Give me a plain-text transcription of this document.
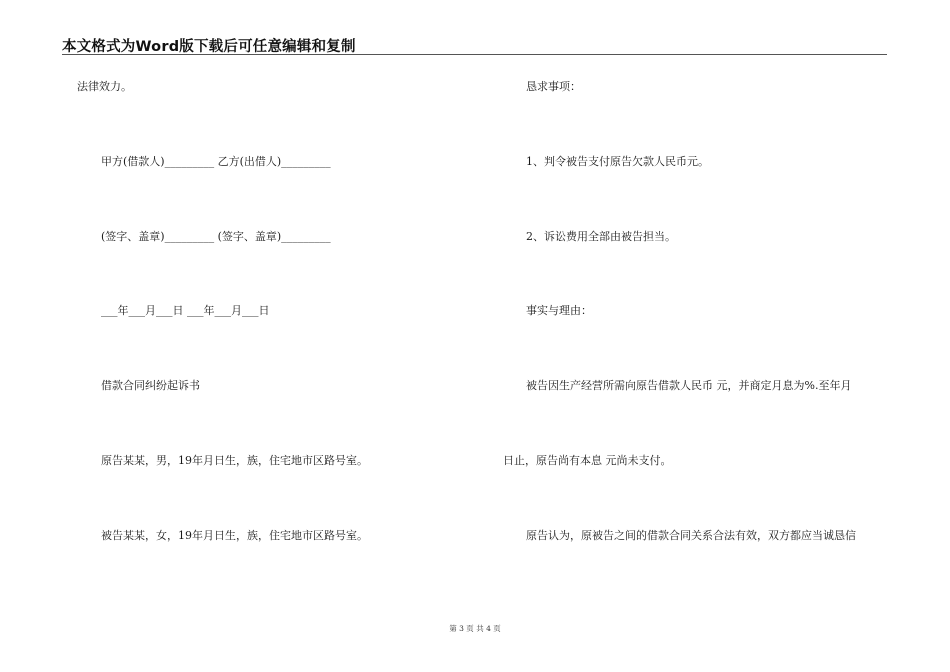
本文格式为Word版下载后可任意编辑和复制
法律效力。
甲方(借款人)_________ 乙方(出借人)_________
(签字、盖章)_________ (签字、盖章)_________
___年___月___日 ___年___月___日
借款合同纠纷起诉书
原告某某，男，19年月日生，族，住宅地市区路号室。
被告某某，女，19年月日生，族，住宅地市区路号室。
恳求事项：
1、判令被告支付原告欠款人民币元。
2、诉讼费用全部由被告担当。
事实与理由：
被告因生产经营所需向原告借款人民币 元，并商定月息为%.至年月
日止，原告尚有本息 元尚未支付。
原告认为，原被告之间的借款合同关系合法有效，双方都应当诚恳信
第 3 页 共 4 页
